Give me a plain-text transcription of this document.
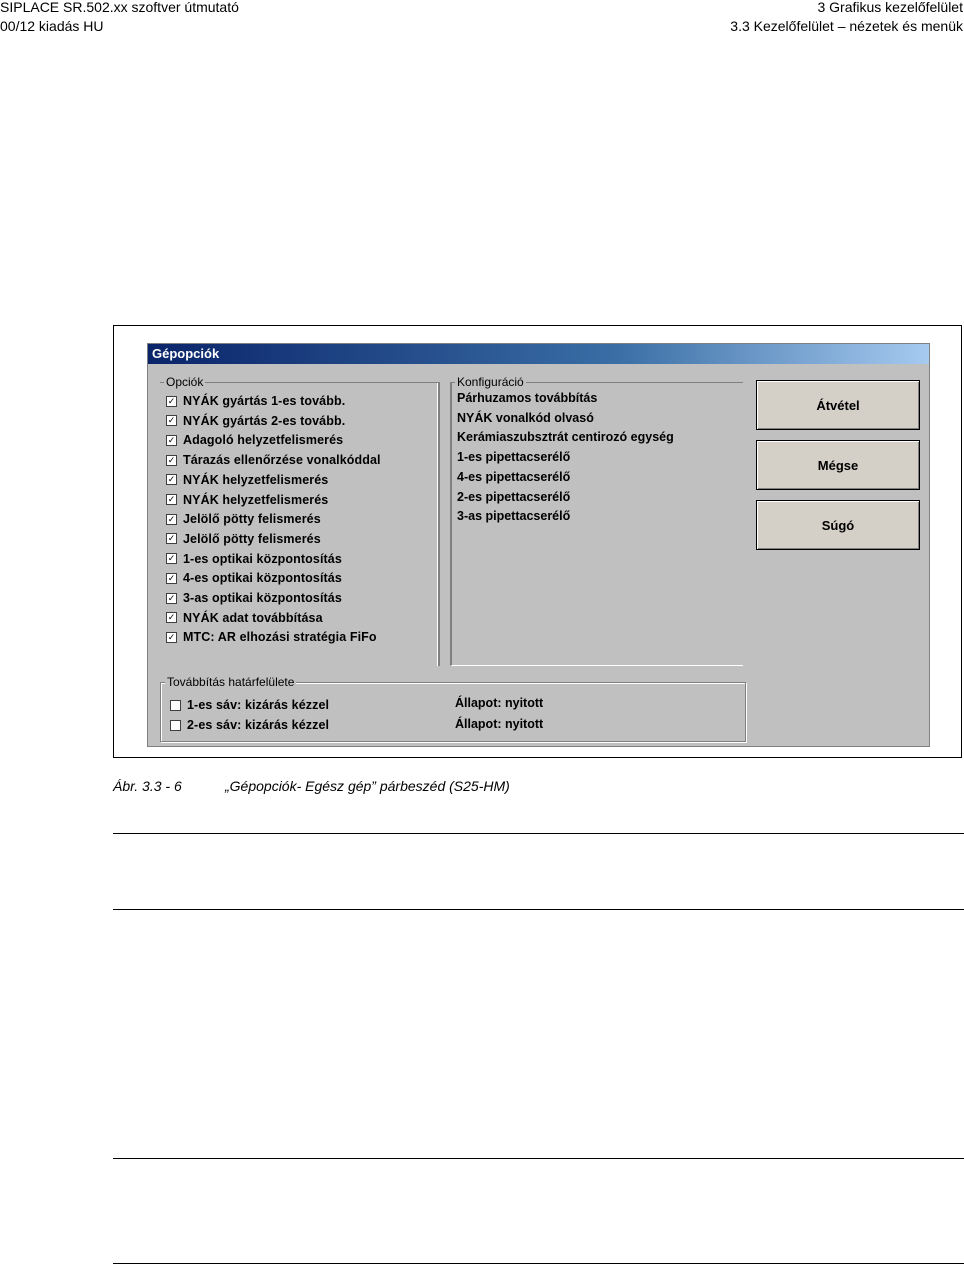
SIPLACE SR.502.xx szoftver útmutató
00/12 kiadás HU
3 Grafikus kezelőfelület
3.3 Kezelőfelület – nézetek és menük
Gépopciók
Opciók
✓ NYÁK gyártás 1-es tovább.
✓ NYÁK gyártás 2-es tovább.
✓ Adagoló helyzetfelismerés
✓ Tárazás ellenőrzése vonalkóddal
✓ NYÁK helyzetfelismerés
✓ NYÁK helyzetfelismerés
✓ Jelölő pötty felismerés
✓ Jelölő pötty felismerés
✓ 1-es optikai központosítás
✓ 4-es optikai központosítás
✓ 3-as optikai központosítás
✓ NYÁK adat továbbítása
✓ MTC: AR elhozási stratégia FiFo
Konfiguráció
Párhuzamos továbbítás
NYÁK vonalkód olvasó
Kerámiaszubsztrát centirozó egység
1-es pipettacserélő
4-es pipettacserélő
2-es pipettacserélő
3-as pipettacserélő
Továbbítás határfelülete
1-es sáv: kizárás kézzel	Állapot: nyitott
2-es sáv: kizárás kézzel	Állapot: nyitott
Átvétel
Mégse
Súgó
Ábr. 3.3 - 6	„Gépopciók- Egész gép” párbeszéd (S25-HM)
